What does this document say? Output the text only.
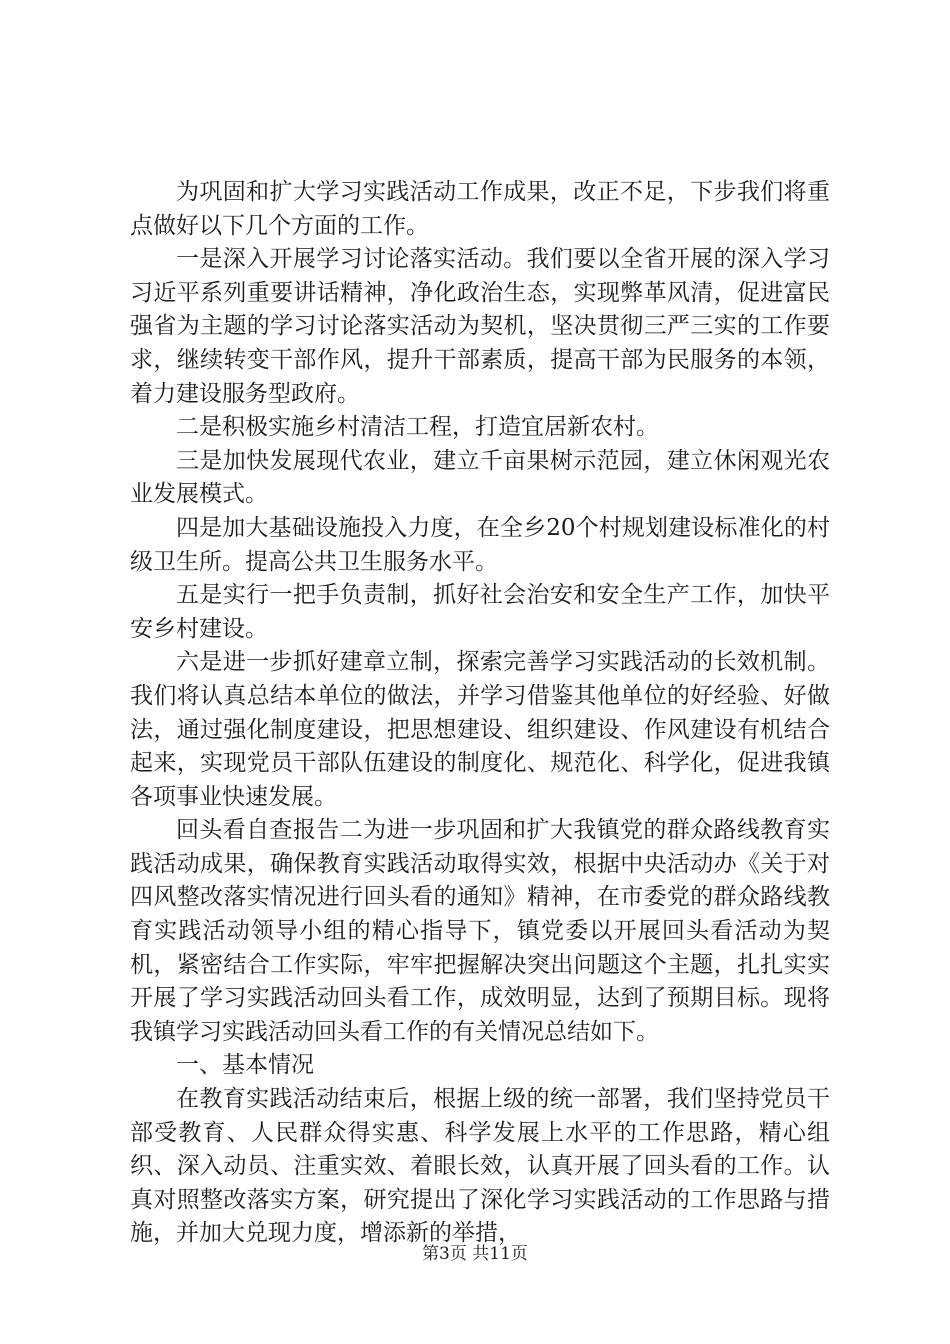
为巩固和扩大学习实践活动工作成果，改正不足，下步我们将重点做好以下几个方面的工作。

一是深入开展学习讨论落实活动。我们要以全省开展的深入学习习近平系列重要讲话精神，净化政治生态，实现弊革风清，促进富民强省为主题的学习讨论落实活动为契机，坚决贯彻三严三实的工作要求，继续转变干部作风，提升干部素质，提高干部为民服务的本领，着力建设服务型政府。

二是积极实施乡村清洁工程，打造宜居新农村。

三是加快发展现代农业，建立千亩果树示范园，建立休闲观光农业发展模式。

四是加大基础设施投入力度，在全乡20个村规划建设标准化的村级卫生所。提高公共卫生服务水平。

五是实行一把手负责制，抓好社会治安和安全生产工作，加快平安乡村建设。

六是进一步抓好建章立制，探索完善学习实践活动的长效机制。我们将认真总结本单位的做法，并学习借鉴其他单位的好经验、好做法，通过强化制度建设，把思想建设、组织建设、作风建设有机结合起来，实现党员干部队伍建设的制度化、规范化、科学化，促进我镇各项事业快速发展。

回头看自查报告二为进一步巩固和扩大我镇党的群众路线教育实践活动成果，确保教育实践活动取得实效，根据中央活动办《关于对四风整改落实情况进行回头看的通知》精神，在市委党的群众路线教育实践活动领导小组的精心指导下，镇党委以开展回头看活动为契机，紧密结合工作实际，牢牢把握解决突出问题这个主题，扎扎实实开展了学习实践活动回头看工作，成效明显，达到了预期目标。现将我镇学习实践活动回头看工作的有关情况总结如下。

一、基本情况

在教育实践活动结束后，根据上级的统一部署，我们坚持党员干部受教育、人民群众得实惠、科学发展上水平的工作思路，精心组织、深入动员、注重实效、着眼长效，认真开展了回头看的工作。认真对照整改落实方案，研究提出了深化学习实践活动的工作思路与措施，并加大兑现力度，增添新的举措，

第3页 共11页
